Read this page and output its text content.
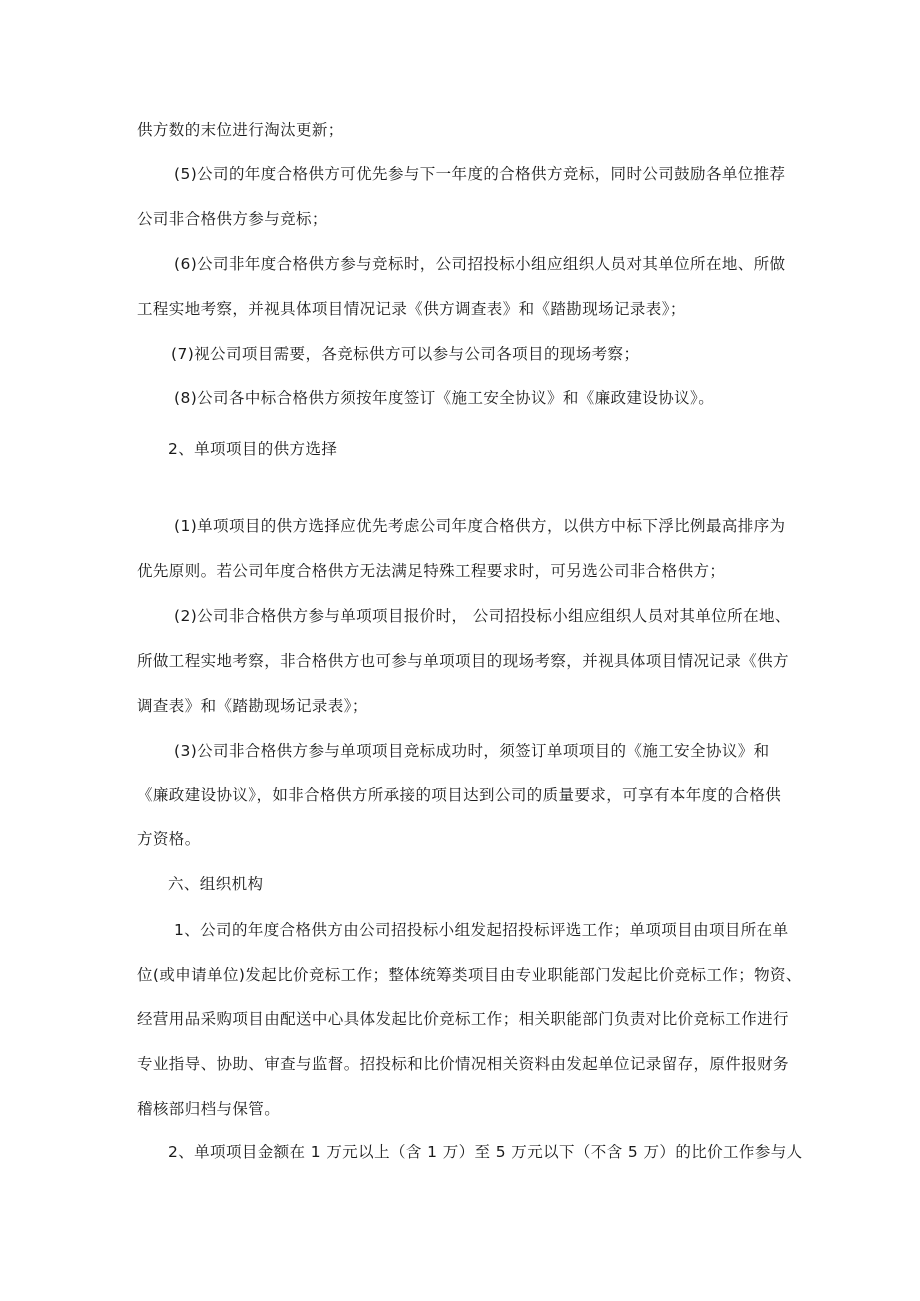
供方数的末位进行淘汰更新；
(5)公司的年度合格供方可优先参与下一年度的合格供方竞标，同时公司鼓励各单位推荐
公司非合格供方参与竞标；
(6)公司非年度合格供方参与竞标时，公司招投标小组应组织人员对其单位所在地、所做
工程实地考察，并视具体项目情况记录《供方调查表》和《踏勘现场记录表》；
(7)视公司项目需要，各竞标供方可以参与公司各项目的现场考察；
(8)公司各中标合格供方须按年度签订《施工安全协议》和《廉政建设协议》。
2、单项项目的供方选择
(1)单项项目的供方选择应优先考虑公司年度合格供方，以供方中标下浮比例最高排序为
优先原则。若公司年度合格供方无法满足特殊工程要求时，可另选公司非合格供方；
(2)公司非合格供方参与单项项目报价时， 公司招投标小组应组织人员对其单位所在地、
所做工程实地考察，非合格供方也可参与单项项目的现场考察，并视具体项目情况记录《供方
调查表》和《踏勘现场记录表》；
(3)公司非合格供方参与单项项目竞标成功时，须签订单项项目的《施工安全协议》和
《廉政建设协议》，如非合格供方所承接的项目达到公司的质量要求，可享有本年度的合格供
方资格。
六、组织机构
1、公司的年度合格供方由公司招投标小组发起招投标评选工作；单项项目由项目所在单
位(或申请单位)发起比价竞标工作；整体统筹类项目由专业职能部门发起比价竞标工作；物资、
经营用品采购项目由配送中心具体发起比价竞标工作；相关职能部门负责对比价竞标工作进行
专业指导、协助、审查与监督。招投标和比价情况相关资料由发起单位记录留存，原件报财务
稽核部归档与保管。
2、单项项目金额在 1 万元以上（含 1 万）至 5 万元以下（不含 5 万）的比价工作参与人
